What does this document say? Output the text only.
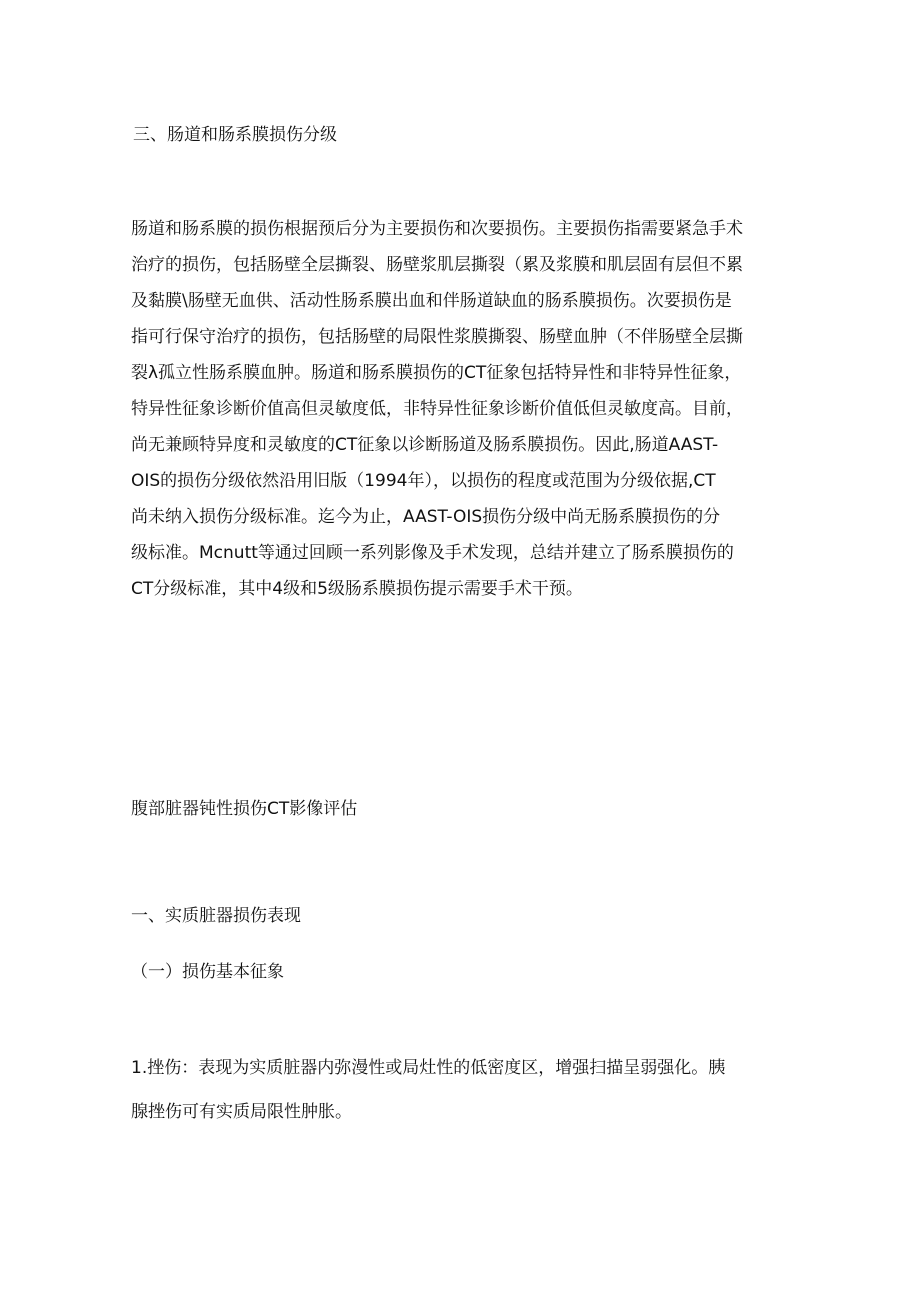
三、肠道和肠系膜损伤分级
肠道和肠系膜的损伤根据预后分为主要损伤和次要损伤。主要损伤指需要紧急手术
治疗的损伤，包括肠壁全层撕裂、肠壁浆肌层撕裂（累及浆膜和肌层固有层但不累
及黏膜\肠壁无血供、活动性肠系膜出血和伴肠道缺血的肠系膜损伤。次要损伤是
指可行保守治疗的损伤，包括肠壁的局限性浆膜撕裂、肠壁血肿（不伴肠壁全层撕
裂λ孤立性肠系膜血肿。肠道和肠系膜损伤的CT征象包括特异性和非特异性征象，
特异性征象诊断价值高但灵敏度低，非特异性征象诊断价值低但灵敏度高。目前，
尚无兼顾特异度和灵敏度的CT征象以诊断肠道及肠系膜损伤。因此,肠道AAST-
OIS的损伤分级依然沿用旧版（1994年），以损伤的程度或范围为分级依据,CT
尚未纳入损伤分级标准。迄今为止，AAST-OIS损伤分级中尚无肠系膜损伤的分
级标准。Mcnutt等通过回顾一系列影像及手术发现，总结并建立了肠系膜损伤的
CT分级标准，其中4级和5级肠系膜损伤提示需要手术干预。
腹部脏器钝性损伤CT影像评估
一、实质脏器损伤表现
（一）损伤基本征象
1.挫伤：表现为实质脏器内弥漫性或局灶性的低密度区，增强扫描呈弱强化。胰
腺挫伤可有实质局限性肿胀。
